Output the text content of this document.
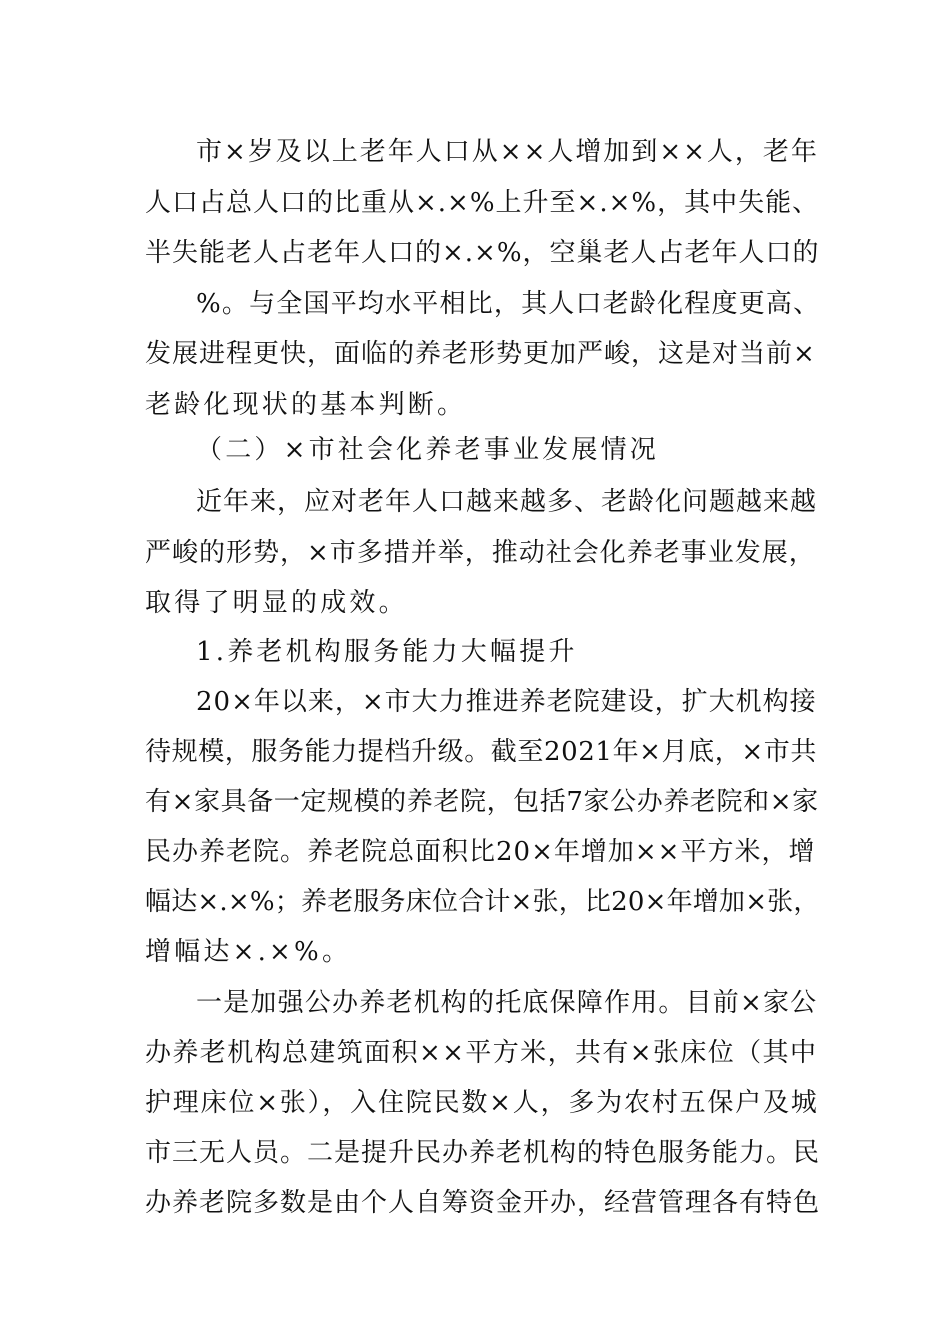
市×岁及以上老年人口从××人增加到××人，老年

人口占总人口的比重从×.×%上升至×.×%，其中失能、

半失能老人占老年人口的×.×%，空巢老人占老年人口的

%。与全国平均水平相比，其人口老龄化程度更高、

发展进程更快，面临的养老形势更加严峻，这是对当前×

老龄化现状的基本判断。

（二）×市社会化养老事业发展情况

近年来，应对老年人口越来越多、老龄化问题越来越

严峻的形势，×市多措并举，推动社会化养老事业发展，

取得了明显的成效。

1.养老机构服务能力大幅提升

20×年以来，×市大力推进养老院建设，扩大机构接

待规模，服务能力提档升级。截至2021年×月底，×市共

有×家具备一定规模的养老院，包括7家公办养老院和×家

民办养老院。养老院总面积比20×年增加××平方米，增

幅达×.×%；养老服务床位合计×张，比20×年增加×张，

增幅达×.×%。

一是加强公办养老机构的托底保障作用。目前×家公

办养老机构总建筑面积××平方米，共有×张床位（其中

护理床位×张），入住院民数×人，多为农村五保户及城

市三无人员。二是提升民办养老机构的特色服务能力。民

办养老院多数是由个人自筹资金开办，经营管理各有特色
